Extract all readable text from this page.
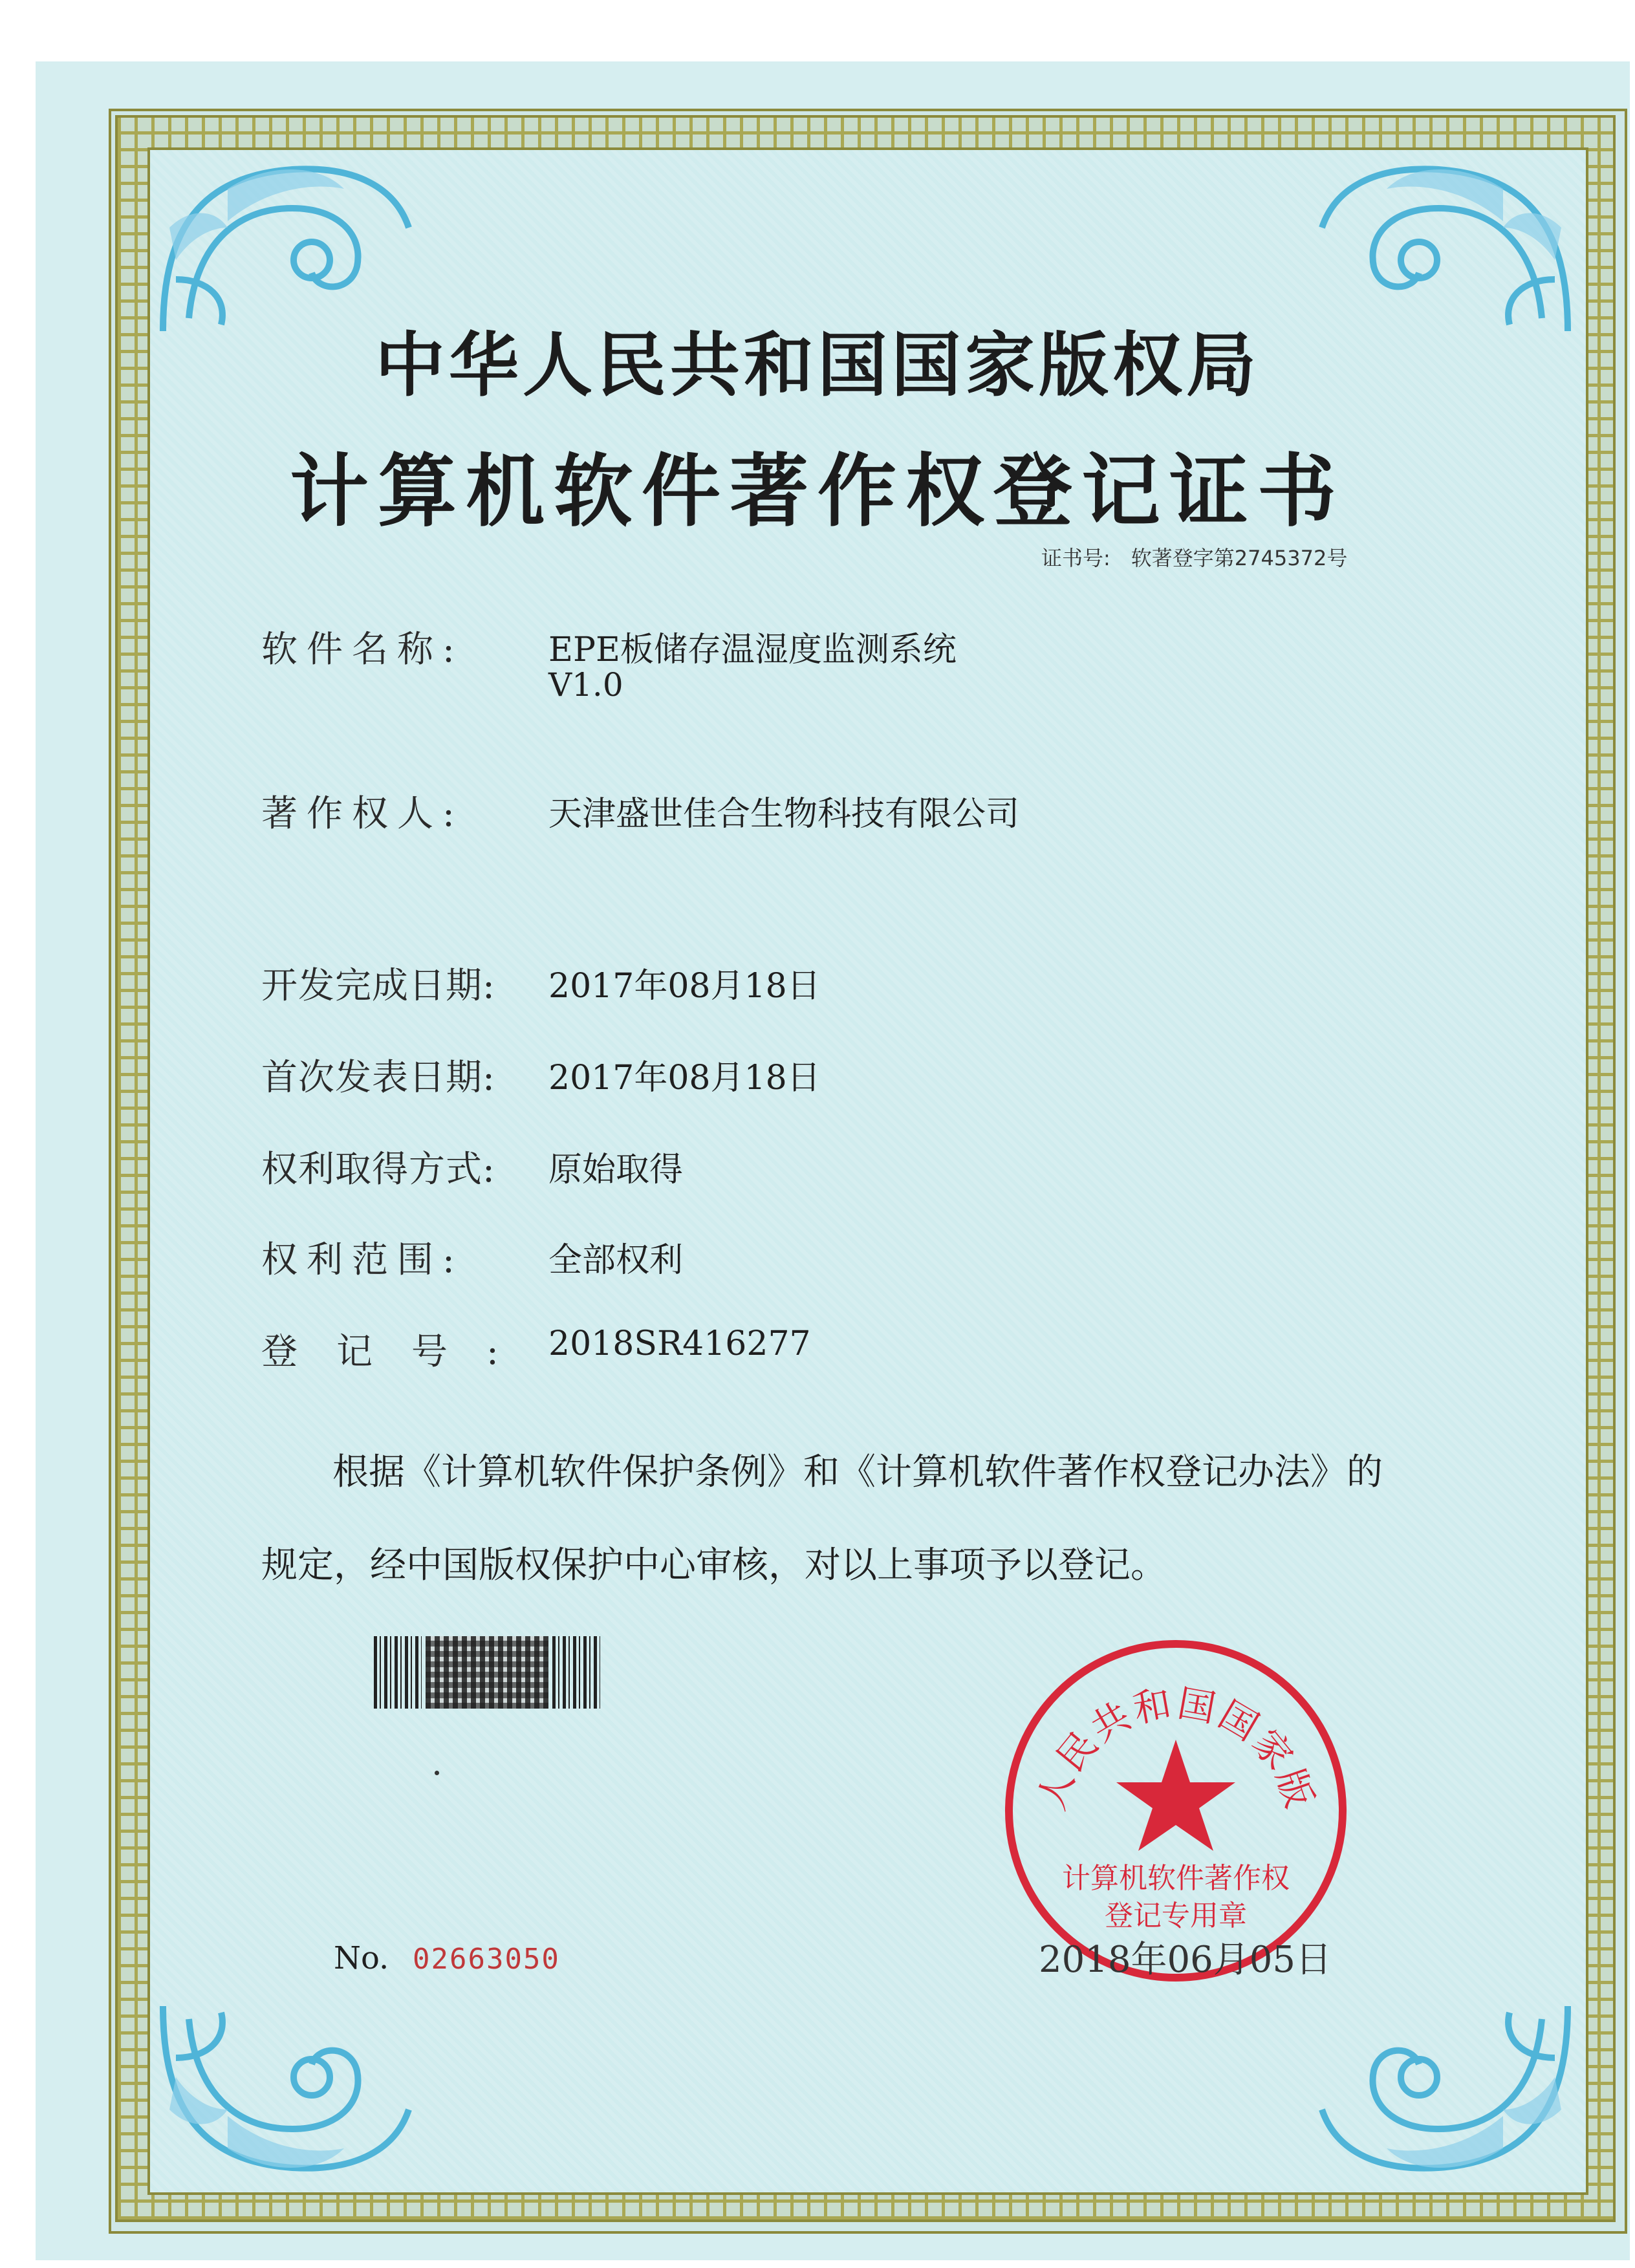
中华人民共和国国家版权局
计算机软件著作权登记证书
证书号: 软著登字第2745372号
软件名称:	EPE板储存温湿度监测系统
V1.0
著作权人:	天津盛世佳合生物科技有限公司
开发完成日期:	2017年08月18日
首次发表日期:	2017年08月18日
权利取得方式:	原始取得
权利范围:	全部权利
登记号: 2018SR416277
根据《计算机软件保护条例》和《计算机软件著作权登记办法》的
规定，经中国版权保护中心审核，对以上事项予以登记。
人民共和国国家版
计算机软件著作权
登记专用章
No. 02663050	2018年06月05日
